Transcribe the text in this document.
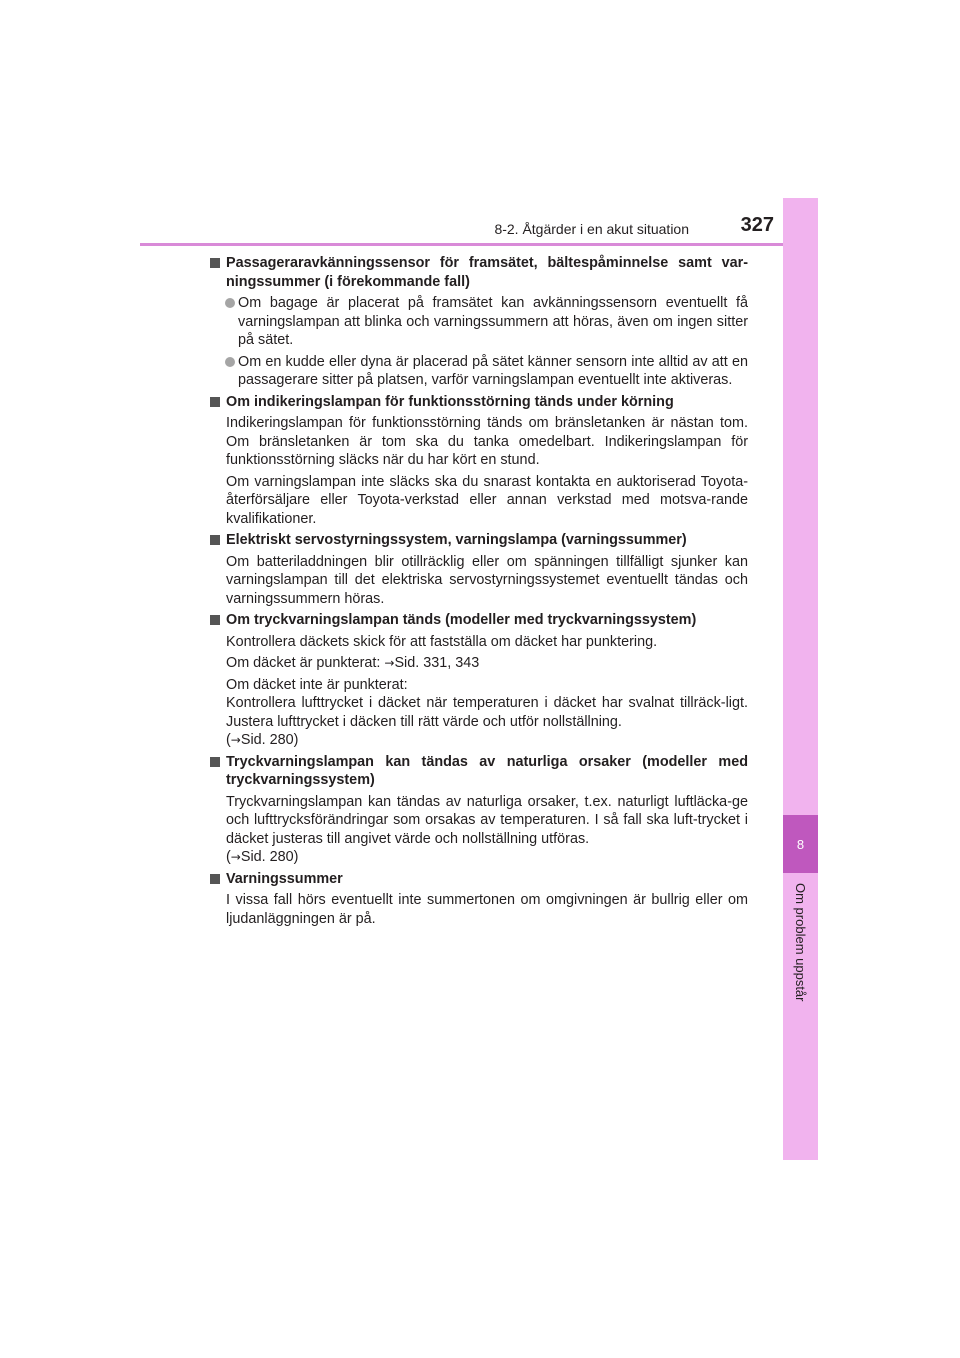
8-2. Åtgärder i en akut situation	327
8
Om problem uppstår
Passageraravkänningssensor för framsätet, bältespåminnelse samt var-ningssummer (i förekommande fall)
Om bagage är placerat på framsätet kan avkänningssensorn eventuellt få varningslampan att blinka och varningssummern att höras, även om ingen sitter på sätet.
Om en kudde eller dyna är placerad på sätet känner sensorn inte alltid av att en passagerare sitter på platsen, varför varningslampan eventuellt inte aktiveras.
Om indikeringslampan för funktionsstörning tänds under körning
Indikeringslampan för funktionsstörning tänds om bränsletanken är nästan tom. Om bränsletanken är tom ska du tanka omedelbart. Indikeringslampan för funktionsstörning släcks när du har kört en stund.
Om varningslampan inte släcks ska du snarast kontakta en auktoriserad Toyota-återförsäljare eller Toyota-verkstad eller annan verkstad med motsva-rande kvalifikationer.
Elektriskt servostyrningssystem, varningslampa (varningssummer)
Om batteriladdningen blir otillräcklig eller om spänningen tillfälligt sjunker kan varningslampan till det elektriska servostyrningssystemet eventuellt tändas och varningssummern höras.
Om tryckvarningslampan tänds (modeller med tryckvarningssystem)
Kontrollera däckets skick för att fastställa om däcket har punktering.
Om däcket är punkterat: →Sid. 331, 343
Om däcket inte är punkterat:
Kontrollera lufttrycket i däcket när temperaturen i däcket har svalnat tillräck-ligt. Justera lufttrycket i däcken till rätt värde och utför nollställning.
(→Sid. 280)
Tryckvarningslampan kan tändas av naturliga orsaker (modeller med tryckvarningssystem)
Tryckvarningslampan kan tändas av naturliga orsaker, t.ex. naturligt luftläcka-ge och lufttrycksförändringar som orsakas av temperaturen. I så fall ska luft-trycket i däcket justeras till angivet värde och nollställning utföras.
(→Sid. 280)
Varningssummer
I vissa fall hörs eventuellt inte summertonen om omgivningen är bullrig eller om ljudanläggningen är på.
